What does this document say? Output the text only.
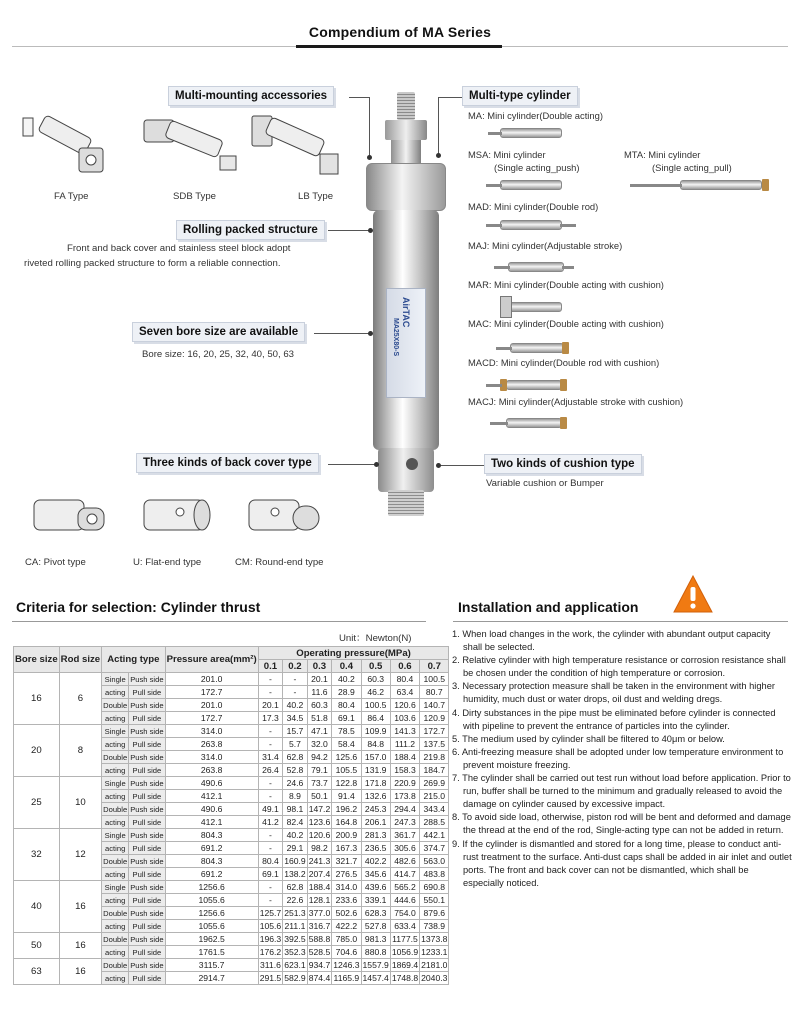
Compendium of MA Series
AirTAC
MA25X80-S
Multi-mounting accessories
FA Type	SDB Type	LB Type
Rolling packed structure
Front and back cover and stainless steel block adopt
riveted rolling packed structure to form a reliable connection.
Seven bore size are available
Bore size: 16, 20, 25, 32, 40, 50, 63
Three kinds of back cover type
CA: Pivot type	U: Flat-end type	CM: Round-end type
Multi-type cylinder
MA: Mini cylinder(Double acting)
MSA: Mini cylinder
(Single acting_push)
MTA: Mini cylinder
(Single acting_pull)
MAD: Mini cylinder(Double rod)
MAJ: Mini cylinder(Adjustable stroke)
MAR: Mini cylinder(Double acting with cushion)
MAC: Mini cylinder(Double acting with cushion)
MACD: Mini cylinder(Double rod with cushion)
MACJ: Mini cylinder(Adjustable stroke with cushion)
Two kinds of cushion type
Variable cushion or Bumper
Criteria for selection: Cylinder thrust
Unit：Newton(N)
Bore size	Rod size	Acting type		Pressure area(mm²)	Operating pressure(MPa)						
					0.1	0.2	0.3	0.4	0.5	0.6	0.7
16	6	Single	Push side	201.0	-	-	20.1	40.2	60.3	80.4	100.5
		acting	Pull side	172.7	-	-	11.6	28.9	46.2	63.4	80.7
		Double	Push side	201.0	20.1	40.2	60.3	80.4	100.5	120.6	140.7
		acting	Pull side	172.7	17.3	34.5	51.8	69.1	86.4	103.6	120.9
20	8	Single	Push side	314.0	-	15.7	47.1	78.5	109.9	141.3	172.7
		acting	Pull side	263.8	-	5.7	32.0	58.4	84.8	111.2	137.5
		Double	Push side	314.0	31.4	62.8	94.2	125.6	157.0	188.4	219.8
		acting	Pull side	263.8	26.4	52.8	79.1	105.5	131.9	158.3	184.7
25	10	Single	Push side	490.6	-	24.6	73.7	122.8	171.8	220.9	269.9
		acting	Pull side	412.1	-	8.9	50.1	91.4	132.6	173.8	215.0
		Double	Push side	490.6	49.1	98.1	147.2	196.2	245.3	294.4	343.4
		acting	Pull side	412.1	41.2	82.4	123.6	164.8	206.1	247.3	288.5
32	12	Single	Push side	804.3	-	40.2	120.6	200.9	281.3	361.7	442.1
		acting	Pull side	691.2	-	29.1	98.2	167.3	236.5	305.6	374.7
		Double	Push side	804.3	80.4	160.9	241.3	321.7	402.2	482.6	563.0
		acting	Pull side	691.2	69.1	138.2	207.4	276.5	345.6	414.7	483.8
40	16	Single	Push side	1256.6	-	62.8	188.4	314.0	439.6	565.2	690.8
		acting	Pull side	1055.6	-	22.6	128.1	233.6	339.1	444.6	550.1
		Double	Push side	1256.6	125.7	251.3	377.0	502.6	628.3	754.0	879.6
		acting	Pull side	1055.6	105.6	211.1	316.7	422.2	527.8	633.4	738.9
50	16	Double	Push side	1962.5	196.3	392.5	588.8	785.0	981.3	1177.5	1373.8
		acting	Pull side	1761.5	176.2	352.3	528.5	704.6	880.8	1056.9	1233.1
63	16	Double	Push side	3115.7	311.6	623.1	934.7	1246.3	1557.9	1869.4	2181.0
		acting	Pull side	2914.7	291.5	582.9	874.4	1165.9	1457.4	1748.8	2040.3
Installation and application
1. When load changes in the work, the cylinder with abundant output capacity shall be selected.
2. Relative cylinder with high temperature resistance or corrosion resistance shall be chosen under the condition of high temperature or corrosion.
3. Necessary protection measure shall be taken in the environment with higher humidity, much dust or water drops, oil dust and welding dregs.
4. Dirty substances in the pipe must be eliminated before cylinder is connected with pipeline to prevent the entrance of particles into the cylinder.
5. The medium used by cylinder shall be filtered to 40μm or below.
6. Anti-freezing measure shall be adopted under low temperature environment to prevent moisture freezing.
7. The cylinder shall be carried out test run without load before application. Prior to run, buffer shall be turned to the minimum and gradually released to avoid the damage on cylinder caused by excessive impact.
8. To avoid side load, otherwise, piston rod will be bent and deformed and damage the thread at the end of the rod, Single-acting type can not be added in return.
9. If the cylinder is dismantled and stored for a long time, please to conduct anti-rust treatment to the surface. Anti-dust caps shall be added in air inlet and outlet ports. The front and back cover can not be dismantled, which shall be especially noticed.
